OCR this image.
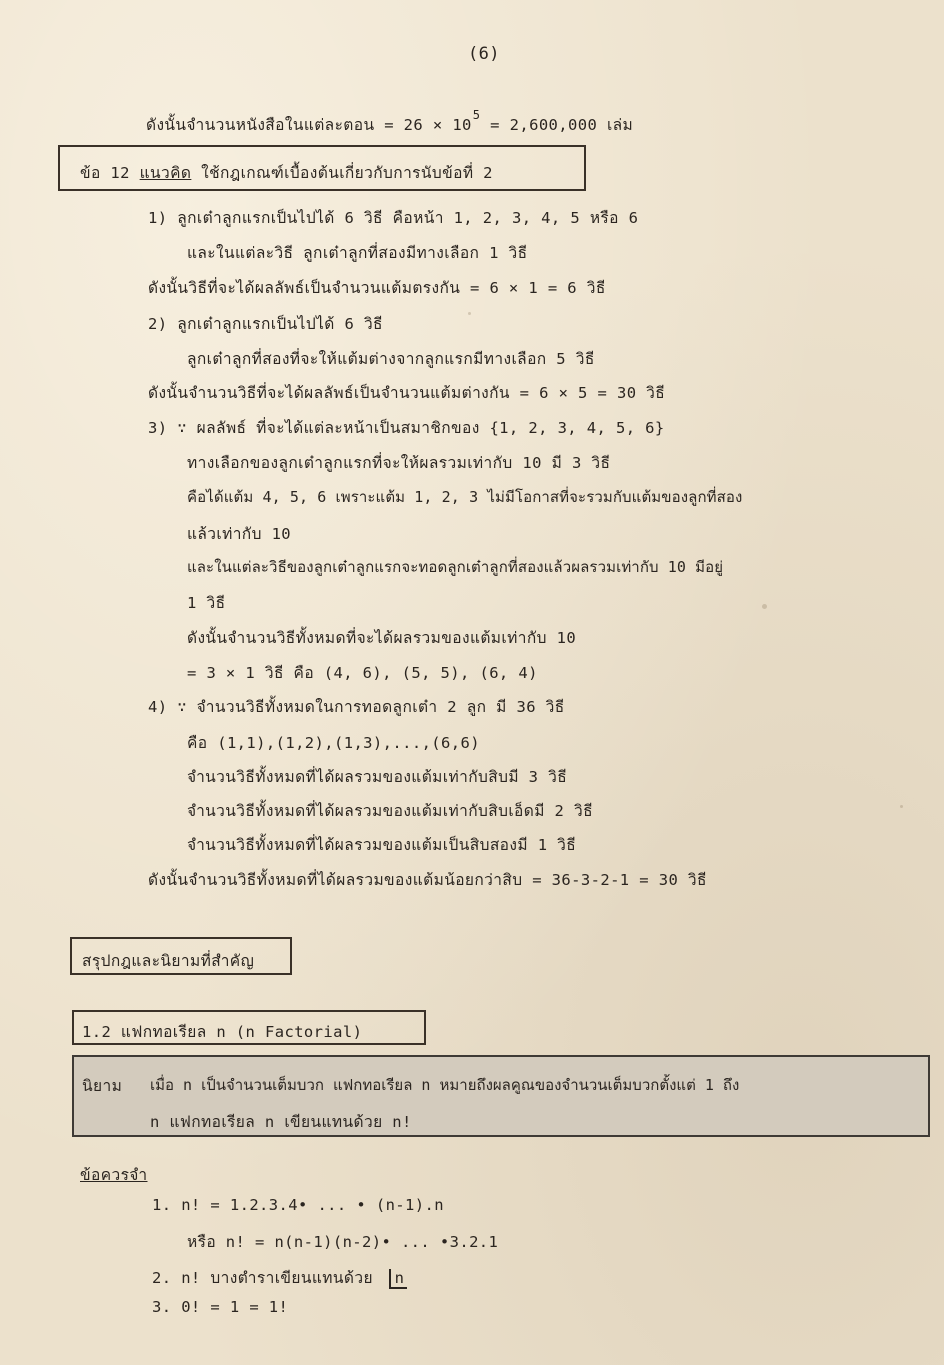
(6)
ดังนั้นจำนวนหนังสือในแต่ละตอน = $26 \times 10^5 = 2,600,000$ เล่ม
ข้อ 12 แนวคิด ใช้กฎเกณฑ์เบื้องต้นเกี่ยวกับการนับข้อที่ 2
1) ลูกเต๋าลูกแรกเป็นไปได้ 6 วิธี คือหน้า 1, 2, 3, 4, 5 หรือ 6
และในแต่ละวิธี ลูกเต๋าลูกที่สองมีทางเลือก 1 วิธี
ดังนั้นวิธีที่จะได้ผลลัพธ์เป็นจำนวนแต้มตรงกัน = 6 × 1 = 6 วิธี
2) ลูกเต๋าลูกแรกเป็นไปได้ 6 วิธี
ลูกเต๋าลูกที่สองที่จะให้แต้มต่างจากลูกแรกมีทางเลือก 5 วิธี
ดังนั้นจำนวนวิธีที่จะได้ผลลัพธ์เป็นจำนวนแต้มต่างกัน = 6 × 5 = 30 วิธี
3) ∵ ผลลัพธ์ ที่จะได้แต่ละหน้าเป็นสมาชิกของ {1, 2, 3, 4, 5, 6}
ทางเลือกของลูกเต๋าลูกแรกที่จะให้ผลรวมเท่ากับ 10 มี 3 วิธี
คือได้แต้ม 4, 5, 6 เพราะแต้ม 1, 2, 3 ไม่มีโอกาสที่จะรวมกับแต้มของลูกที่สอง
แล้วเท่ากับ 10
และในแต่ละวิธีของลูกเต๋าลูกแรกจะทอดลูกเต๋าลูกที่สองแล้วผลรวมเท่ากับ 10 มีอยู่
1 วิธี
ดังนั้นจำนวนวิธีทั้งหมดที่จะได้ผลรวมของแต้มเท่ากับ 10
= 3 × 1 วิธี คือ (4, 6), (5, 5), (6, 4)
4) ∵ จำนวนวิธีทั้งหมดในการทอดลูกเต๋า 2 ลูก มี 36 วิธี
คือ (1,1),(1,2),(1,3),...,(6,6)
จำนวนวิธีทั้งหมดที่ได้ผลรวมของแต้มเท่ากับสิบมี 3 วิธี
จำนวนวิธีทั้งหมดที่ได้ผลรวมของแต้มเท่ากับสิบเอ็ดมี 2 วิธี
จำนวนวิธีทั้งหมดที่ได้ผลรวมของแต้มเป็นสิบสองมี 1 วิธี
ดังนั้นจำนวนวิธีทั้งหมดที่ได้ผลรวมของแต้มน้อยกว่าสิบ = 36-3-2-1 = 30 วิธี
สรุปกฎและนิยามที่สำคัญ
1.2 แฟกทอเรียล n (n Factorial)
นิยาม เมื่อ n เป็นจำนวนเต็มบวก แฟกทอเรียล n หมายถึงผลคูณของจำนวนเต็มบวกตั้งแต่ 1 ถึง
n แฟกทอเรียล n เขียนแทนด้วย n!
ข้อควรจำ
1. n! = 1.2.3.4• ... • (n-1).n
หรือ n! = n(n-1)(n-2)• ... •3.2.1
2. n! บางตำราเขียนแทนด้วย n
3. 0! = 1 = 1!
